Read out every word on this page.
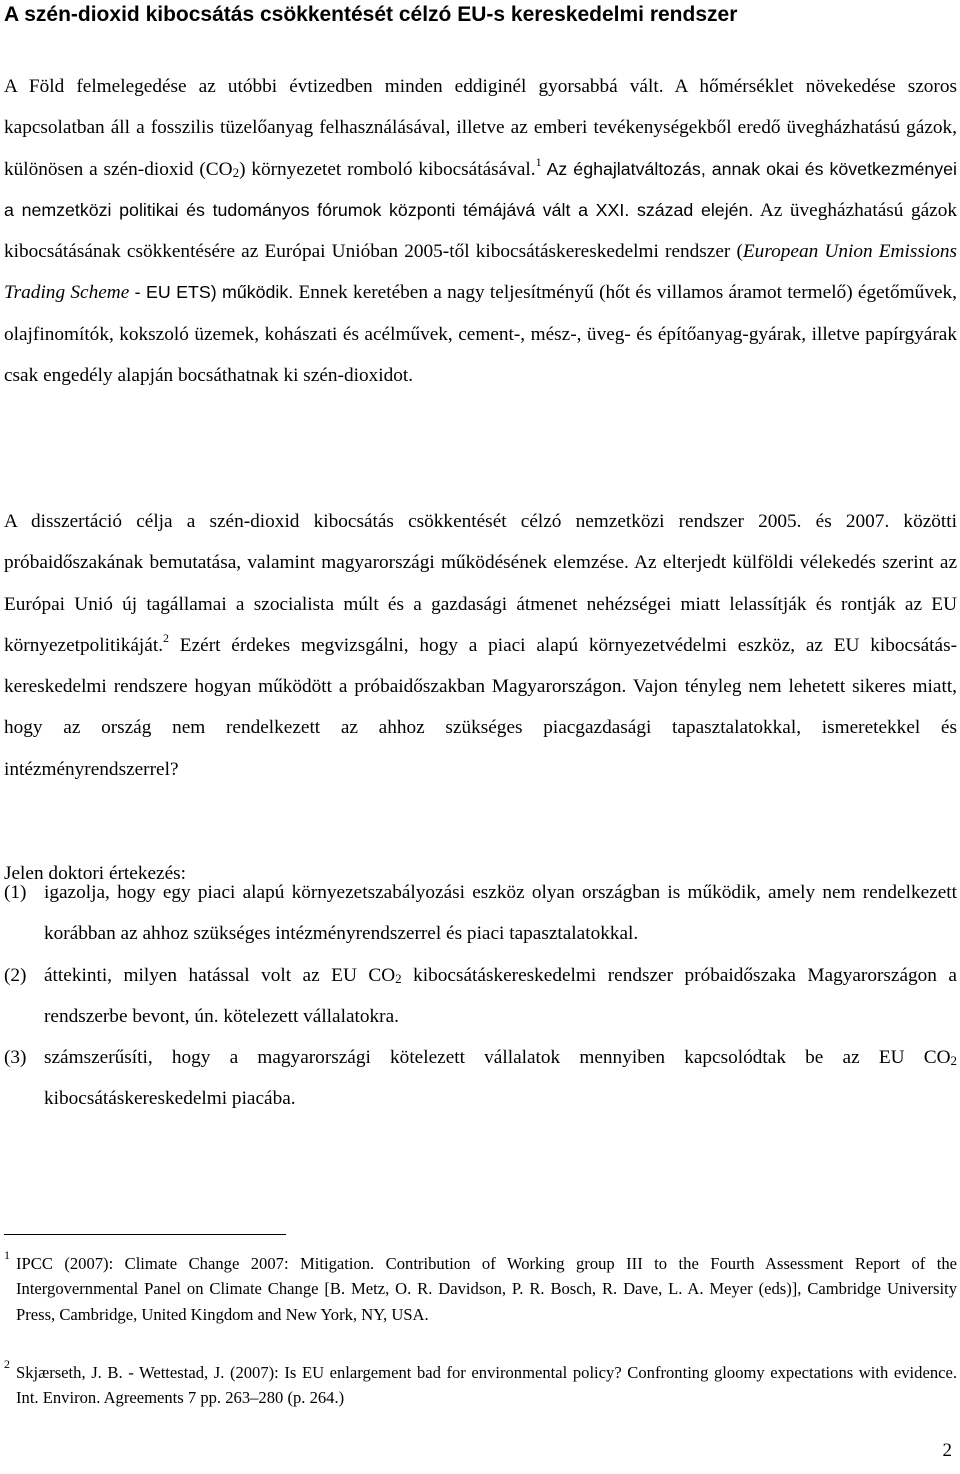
A szén-dioxid kibocsátás csökkentését célzó EU-s kereskedelmi rendszer

A Föld felmelegedése az utóbbi évtizedben minden eddiginél gyorsabbá vált. A hőmérséklet növekedése szoros kapcsolatban áll a fosszilis tüzelőanyag felhasználásával, illetve az emberi tevékenységekből eredő üvegházhatású gázok, különösen a szén-dioxid $(CO_2)$ környezetet romboló kibocsátásával.$^1$ Az éghajlatváltozás, annak okai és következményei a nemzetközi politikai és tudományos fórumok központi témájává vált a XXI. század elején. Az üvegházhatású gázok kibocsátásának csökkentésére az Európai Unióban 2005-től kibocsátáskereskedelmi rendszer (European Union Emissions Trading Scheme - EU ETS) működik. Ennek keretében a nagy teljesítményű (hőt és villamos áramot termelő) égetőművek, olajfinomítók, kokszoló üzemek, kohászati és acélművek, cement-, mész-, üveg- és építőanyag-gyárak, illetve papírgyárak csak engedély alapján bocsáthatnak ki szén-dioxidot.

A disszertáció célja a szén-dioxid kibocsátás csökkentését célzó nemzetközi rendszer 2005. és 2007. közötti próbaidőszakának bemutatása, valamint magyarországi működésének elemzése. Az elterjedt külföldi vélekedés szerint az Európai Unió új tagállamai a szocialista múlt és a gazdasági átmenet nehézségei miatt lelassítják és rontják az EU környezetpolitikáját.$^2$ Ezért érdekes megvizsgálni, hogy a piaci alapú környezetvédelmi eszköz, az EU kibocsátás-kereskedelmi rendszere hogyan működött a próbaidőszakban Magyarországon. Vajon tényleg nem lehetett sikeres miatt, hogy az ország nem rendelkezett az ahhoz szükséges piacgazdasági tapasztalatokkal, ismeretekkel és intézményrendszerrel?

Jelen doktori értekezés:

(1) igazolja, hogy egy piaci alapú környezetszabályozási eszköz olyan országban is működik, amely nem rendelkezett korábban az ahhoz szükséges intézményrendszerrel és piaci tapasztalatokkal.
(2) áttekinti, milyen hatással volt az EU $CO_2$ kibocsátáskereskedelmi rendszer próbaidőszaka Magyarországon a rendszerbe bevont, ún. kötelezett vállalatokra.
(3) számszerűsíti, hogy a magyarországi kötelezett vállalatok mennyiben kapcsolódtak be az EU $CO_2$ kibocsátáskereskedelmi piacába.
1 IPCC (2007): Climate Change 2007: Mitigation. Contribution of Working group III to the Fourth Assessment Report of the Intergovernmental Panel on Climate Change [B. Metz, O. R. Davidson, P. R. Bosch, R. Dave, L. A. Meyer (eds)], Cambridge University Press, Cambridge, United Kingdom and New York, NY, USA.
2 Skjærseth, J. B. - Wettestad, J. (2007): Is EU enlargement bad for environmental policy? Confronting gloomy expectations with evidence. Int. Environ. Agreements 7 pp. 263–280 (p. 264.)
2
